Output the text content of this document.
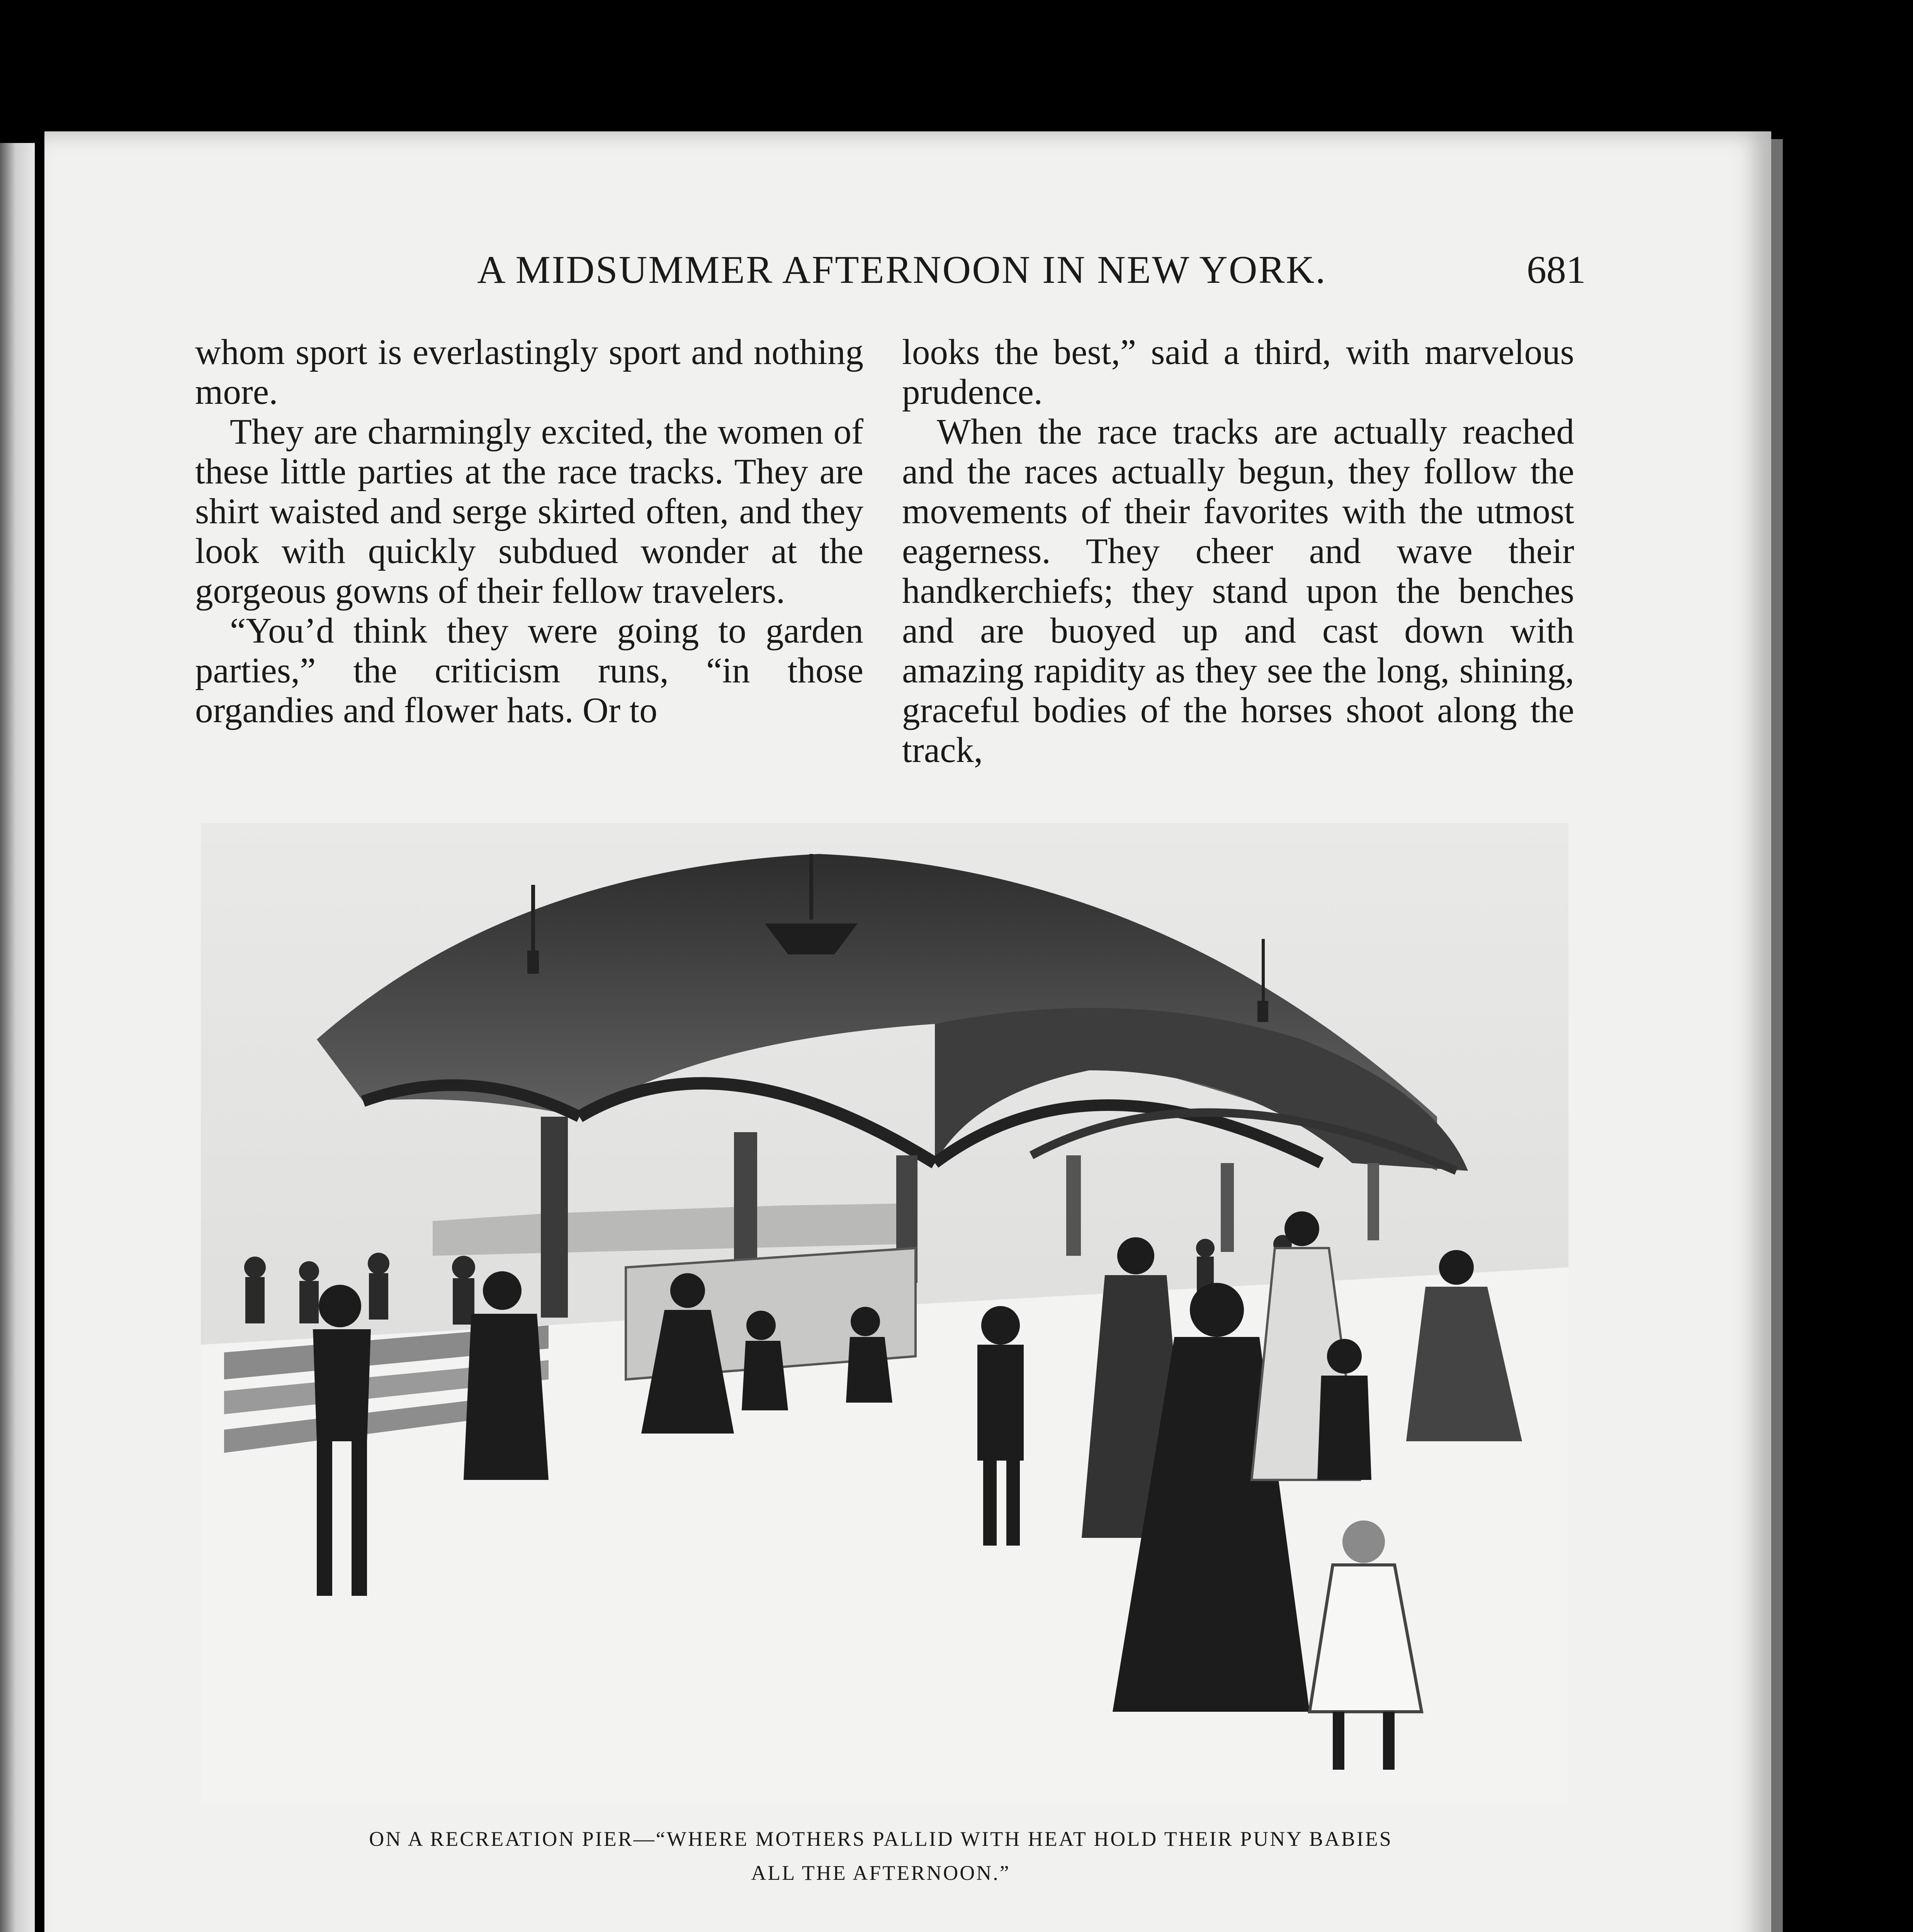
A MIDSUMMER AFTERNOON IN NEW YORK.	681

whom sport is everlastingly sport and nothing more.

They are charmingly excited, the women of these little parties at the race tracks. They are shirt waisted and serge skirted often, and they look with quickly subdued wonder at the gorgeous gowns of their fellow travelers.

“You’d think they were going to garden parties,” the criticism runs, “in those organdies and flower hats. Or to

looks the best,” said a third, with marvelous prudence.

When the race tracks are actually reached and the races actually begun, they follow the movements of their favorites with the utmost eagerness. They cheer and wave their handkerchiefs; they stand upon the benches and are buoyed up and cast down with amazing rapidity as they see the long, shining, graceful bodies of the horses shoot along the track,

ON A RECREATION PIER—“WHERE MOTHERS PALLID WITH HEAT HOLD THEIR PUNY BABIES
ALL THE AFTERNOON.”
